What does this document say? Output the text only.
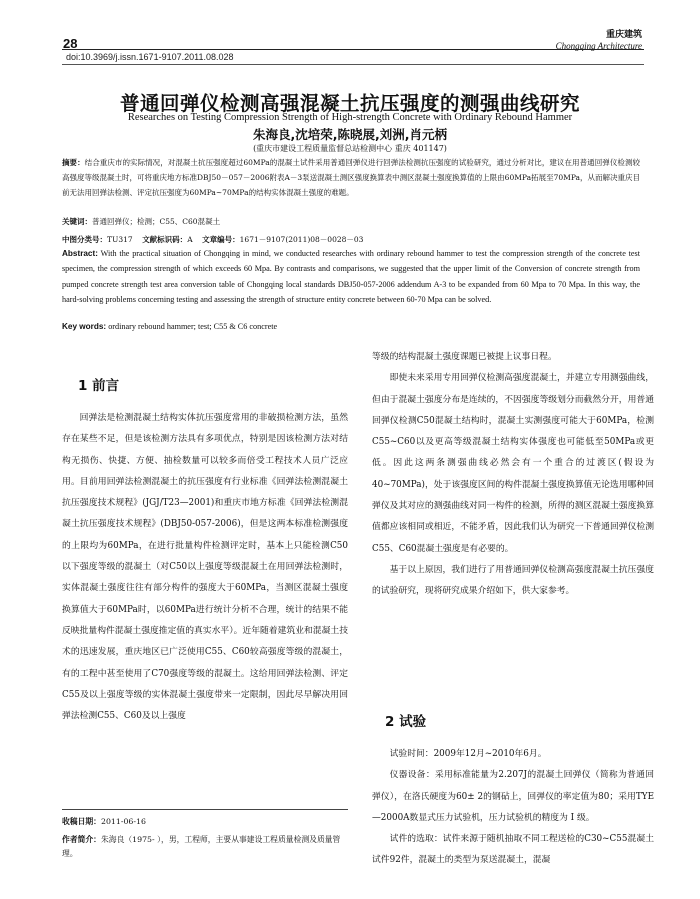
28
重庆建筑
Chongqing Architecture
doi:10.3969/j.issn.1671-9107.2011.08.028
普通回弹仪检测高强混凝土抗压强度的测强曲线研究
Researches on Testing Compression Strength of High-strength Concrete with Ordinary Rebound Hammer
朱海良,沈培荣,陈晓展,刘洲,肖元柄
(重庆市建设工程质量监督总站检测中心 重庆 401147)
摘要：结合重庆市的实际情况，对混凝土抗压强度超过60MPa的混凝土试件采用普通回弹仪进行回弹法检测抗压强度的试验研究，通过分析对比，建议在用普通回弹仪检测较高强度等级混凝土时，可将重庆地方标准DBJ50－057－2006附表A－3泵送混凝土测区强度换算表中测区混凝土强度换算值的上限由60MPa拓展至70MPa，从而解决重庆目前无法用回弹法检测、评定抗压强度为60MPa~70MPa的结构实体混凝土强度的难题。
关键词：普通回弹仪；检测；C55、C60混凝土
中图分类号：TU317 文献标识码：A 文章编号：1671－9107(2011)08－0028－03
Abstract: With the practical situation of Chongqing in mind, we conducted researches with ordinary rebound hammer to test the compression strength of the concrete test specimen, the compression strength of which exceeds 60 Mpa. By contrasts and comparisons, we suggested that the upper limit of the Conversion of concrete strength from pumped concrete strength test area conversion table of Chongqing local standards DBJ50-057-2006 addendum A-3 to be expanded from 60 Mpa to 70 Mpa. In this way, the hard-solving problems concerning testing and assessing the strength of structure entity concrete between 60-70 Mpa can be solved.
Key words: ordinary rebound hammer; test; C55 & C6 concrete
1 前言

回弹法是检测混凝土结构实体抗压强度常用的非破损检测方法，虽然存在某些不足，但是该检测方法具有多项优点，特别是因该检测方法对结构无损伤、快捷、方便、抽检数量可以较多而倍受工程技术人员广泛应用。目前用回弹法检测混凝土的抗压强度有行业标准《回弹法检测混凝土抗压强度技术规程》(JGJ/T23—2001)和重庆市地方标准《回弹法检测混凝土抗压强度技术规程》(DBJ50-057-2006)，但是这两本标准检测强度的上限均为60MPa，在进行批量构件检测评定时，基本上只能检测C50以下强度等级的混凝土（对C50以上强度等级混凝土在用回弹法检测时，实体混凝土强度往往有部分构件的强度大于60MPa，当测区混凝土强度换算值大于60MPa时，以60MPa进行统计分析不合理，统计的结果不能反映批量构件混凝土强度推定值的真实水平）。近年随着建筑业和混凝土技术的迅速发展，重庆地区已广泛使用C55、C60较高强度等级的混凝土，有的工程中甚至使用了C70强度等级的混凝土。这给用回弹法检测、评定C55及以上强度等级的实体混凝土强度带来一定限制，因此尽早解决用回弹法检测C55、C60及以上强度

等级的结构混凝土强度课题已被提上议事日程。

即使未来采用专用回弹仪检测高强度混凝土，并建立专用测强曲线，但由于混凝土强度分布是连续的，不因强度等级划分而截然分开，用普通回弹仪检测C50混凝土结构时，混凝土实测强度可能大于60MPa，检测C55~C60以及更高等级混凝土结构实体强度也可能低至50MPa或更低。因此这两条测强曲线必然会有一个重合的过渡区(假设为40~70MPa)，处于该强度区间的构件混凝土强度换算值无论选用哪种回弹仪及其对应的测强曲线对同一构件的检测，所得的测区混凝土强度换算值都应该相同或相近，不能矛盾，因此我们认为研究一下普通回弹仪检测C55、C60混凝土强度是有必要的。

基于以上原因，我们进行了用普通回弹仪检测高强度混凝土抗压强度的试验研究，现将研究成果介绍如下，供大家参考。

2 试验

试验时间：2009年12月~2010年6月。

仪器设备：采用标准能量为2.207J的混凝土回弹仪（简称为普通回弹仪），在洛氏硬度为60± 2的钢砧上，回弹仪的率定值为80；采用TYE—2000A数显式压力试验机，压力试验机的精度为 I 级。

试件的选取：试件来源于随机抽取不同工程送检的C30~C55混凝土试件92件，混凝土的类型为泵送混凝土，混凝

收稿日期：2011-06-16
作者简介：朱海良（1975- ），男，工程师，主要从事建设工程质量检测及质量管理。
